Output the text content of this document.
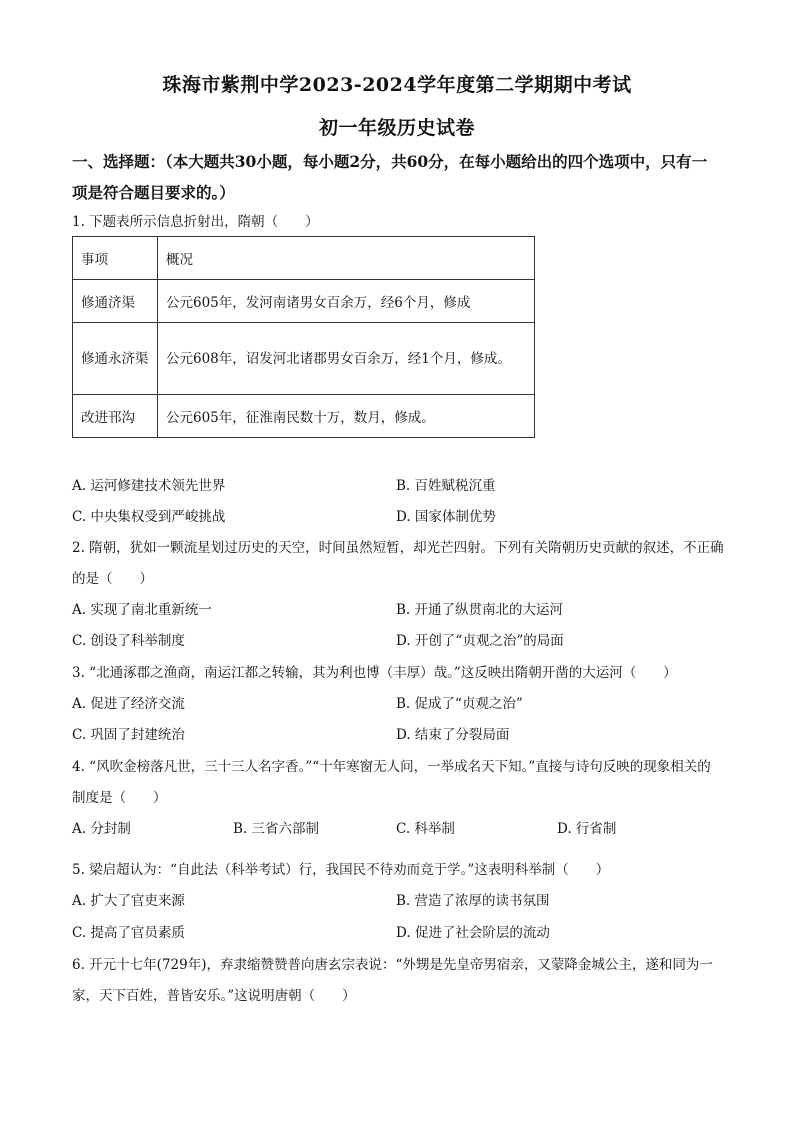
珠海市紫荆中学2023-2024学年度第二学期期中考试
初一年级历史试卷
一、选择题：（本大题共30小题，每小题2分，共60分，在每小题给出的四个选项中，只有一项是符合题目要求的。）
1. 下题表所示信息折射出，隋朝（　　）
事项	概况
修通济渠	公元605年，发河南诸男女百余万，经6个月，修成
修通永济渠	公元608年，诏发河北诸郡男女百余万，经1个月，修成。
改进邗沟	公元605年，征淮南民数十万，数月，修成。
A. 运河修建技术领先世界	B. 百姓赋税沉重
C. 中央集权受到严峻挑战	D. 国家体制优势
2. 隋朝，犹如一颗流星划过历史的天空，时间虽然短暂，却光芒四射。下列有关隋朝历史贡献的叙述，不正确的是（　　）
A. 实现了南北重新统一	B. 开通了纵贯南北的大运河
C. 创设了科举制度	D. 开创了“贞观之治”的局面
3. “北通涿郡之渔商，南运江都之转输，其为利也博（丰厚）哉。”这反映出隋朝开凿的大运河（　　）
A. 促进了经济交流	B. 促成了“贞观之治”
C. 巩固了封建统治	D. 结束了分裂局面
4. “风吹金榜落凡世，三十三人名字香。”“十年寒窗无人问，一举成名天下知。”直接与诗句反映的现象相关的制度是（　　）
A. 分封制	B. 三省六部制	C. 科举制	D. 行省制
5. 梁启超认为：“自此法（科举考试）行，我国民不待劝而竞于学。”这表明科举制（　　）
A. 扩大了官吏来源	B. 营造了浓厚的读书氛围
C. 提高了官员素质	D. 促进了社会阶层的流动
6. 开元十七年(729年)，弃隶缩赞赞普向唐玄宗表说：“外甥是先皇帝男宿亲，又蒙降金城公主，遂和同为一家，天下百姓，普皆安乐。”这说明唐朝（　　）
